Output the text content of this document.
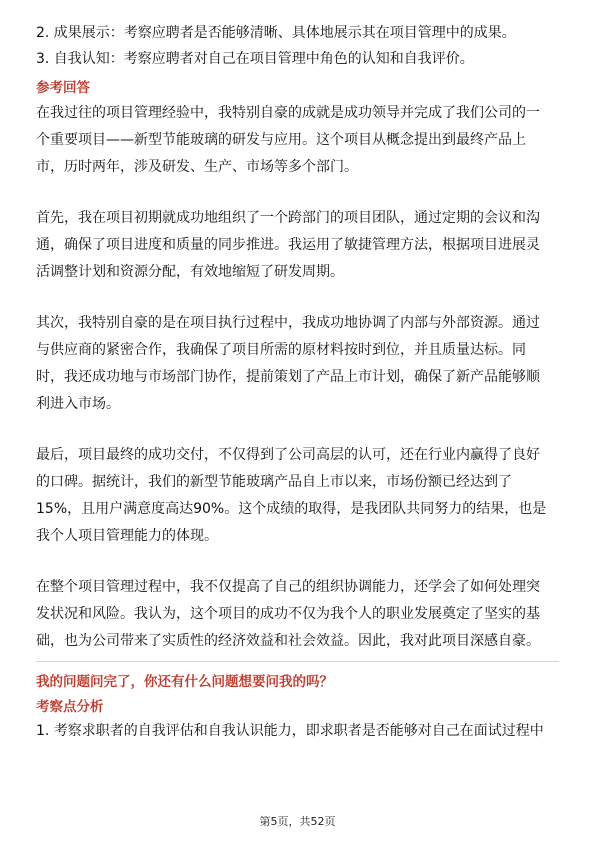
2. 成果展示：考察应聘者是否能够清晰、具体地展示其在项目管理中的成果。
3. 自我认知：考察应聘者对自己在项目管理中角色的认知和自我评价。
参考回答

在我过往的项目管理经验中，我特别自豪的成就是成功领导并完成了我们公司的一
个重要项目——新型节能玻璃的研发与应用。这个项目从概念提出到最终产品上
市，历时两年，涉及研发、生产、市场等多个部门。

首先，我在项目初期就成功地组织了一个跨部门的项目团队，通过定期的会议和沟
通，确保了项目进度和质量的同步推进。我运用了敏捷管理方法，根据项目进展灵
活调整计划和资源分配，有效地缩短了研发周期。

其次，我特别自豪的是在项目执行过程中，我成功地协调了内部与外部资源。通过
与供应商的紧密合作，我确保了项目所需的原材料按时到位，并且质量达标。同
时，我还成功地与市场部门协作，提前策划了产品上市计划，确保了新产品能够顺
利进入市场。

最后，项目最终的成功交付，不仅得到了公司高层的认可，还在行业内赢得了良好
的口碑。据统计，我们的新型节能玻璃产品自上市以来，市场份额已经达到了
15%，且用户满意度高达90%。这个成绩的取得，是我团队共同努力的结果，也是
我个人项目管理能力的体现。

在整个项目管理过程中，我不仅提高了自己的组织协调能力，还学会了如何处理突
发状况和风险。我认为，这个项目的成功不仅为我个人的职业发展奠定了坚实的基
础，也为公司带来了实质性的经济效益和社会效益。因此，我对此项目深感自豪。

我的问题问完了，你还有什么问题想要问我的吗？
考察点分析
1. 考察求职者的自我评估和自我认识能力，即求职者是否能够对自己在面试过程中
第5页，共52页
